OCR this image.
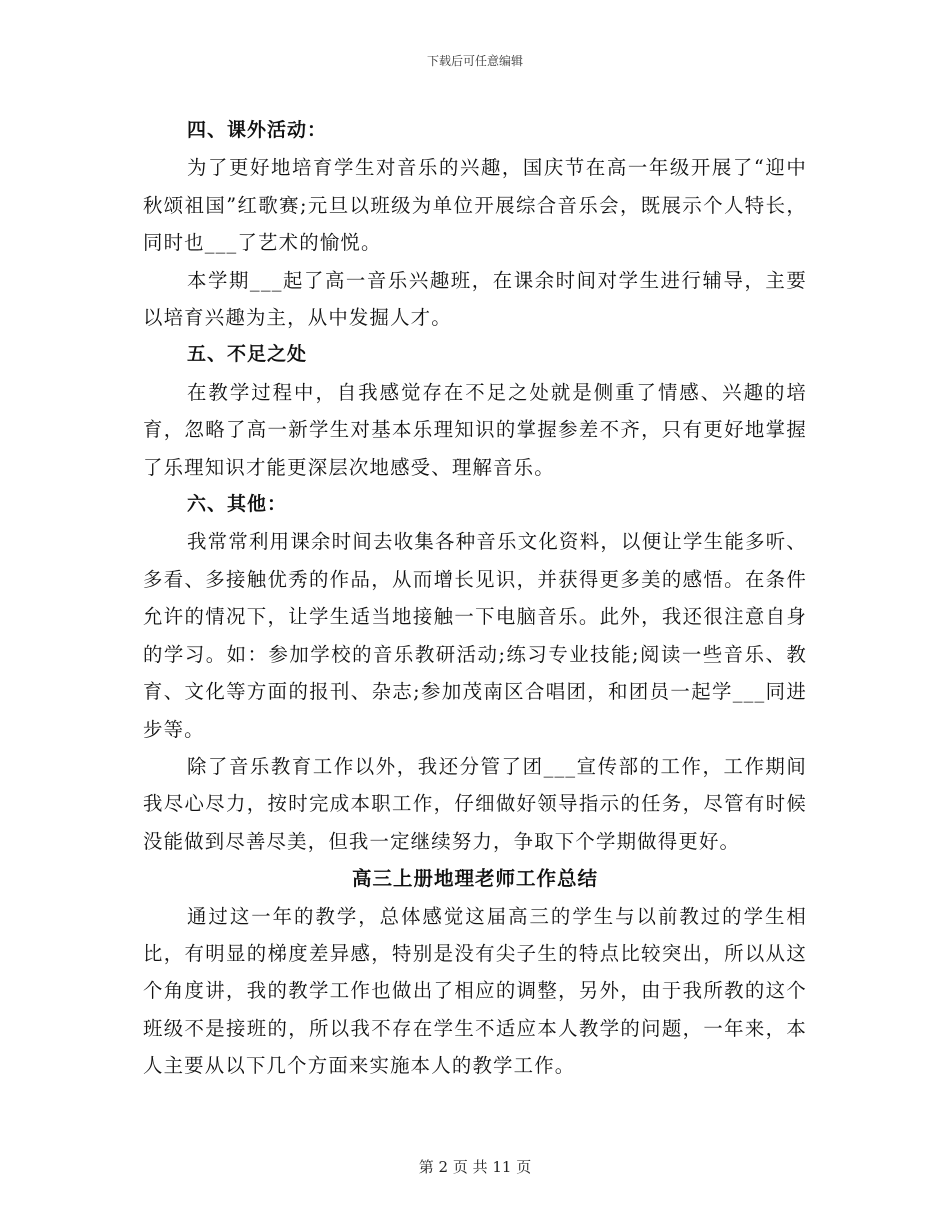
下载后可任意编辑

四、课外活动：

为了更好地培育学生对音乐的兴趣，国庆节在高一年级开展了“迎中秋颂祖国”红歌赛;元旦以班级为单位开展综合音乐会，既展示个人特长，同时也___了艺术的愉悦。

本学期___起了高一音乐兴趣班，在课余时间对学生进行辅导，主要以培育兴趣为主，从中发掘人才。

五、不足之处

在教学过程中，自我感觉存在不足之处就是侧重了情感、兴趣的培育，忽略了高一新学生对基本乐理知识的掌握参差不齐，只有更好地掌握了乐理知识才能更深层次地感受、理解音乐。

六、其他：

我常常利用课余时间去收集各种音乐文化资料，以便让学生能多听、多看、多接触优秀的作品，从而增长见识，并获得更多美的感悟。在条件允许的情况下，让学生适当地接触一下电脑音乐。此外，我还很注意自身的学习。如：参加学校的音乐教研活动;练习专业技能;阅读一些音乐、教育、文化等方面的报刊、杂志;参加茂南区合唱团，和团员一起学___同进步等。

除了音乐教育工作以外，我还分管了团___宣传部的工作，工作期间我尽心尽力，按时完成本职工作，仔细做好领导指示的任务，尽管有时候没能做到尽善尽美，但我一定继续努力，争取下个学期做得更好。

高三上册地理老师工作总结

通过这一年的教学，总体感觉这届高三的学生与以前教过的学生相比，有明显的梯度差异感，特别是没有尖子生的特点比较突出，所以从这个角度讲，我的教学工作也做出了相应的调整，另外，由于我所教的这个班级不是接班的，所以我不存在学生不适应本人教学的问题，一年来，本人主要从以下几个方面来实施本人的教学工作。

第 2 页 共 11 页
